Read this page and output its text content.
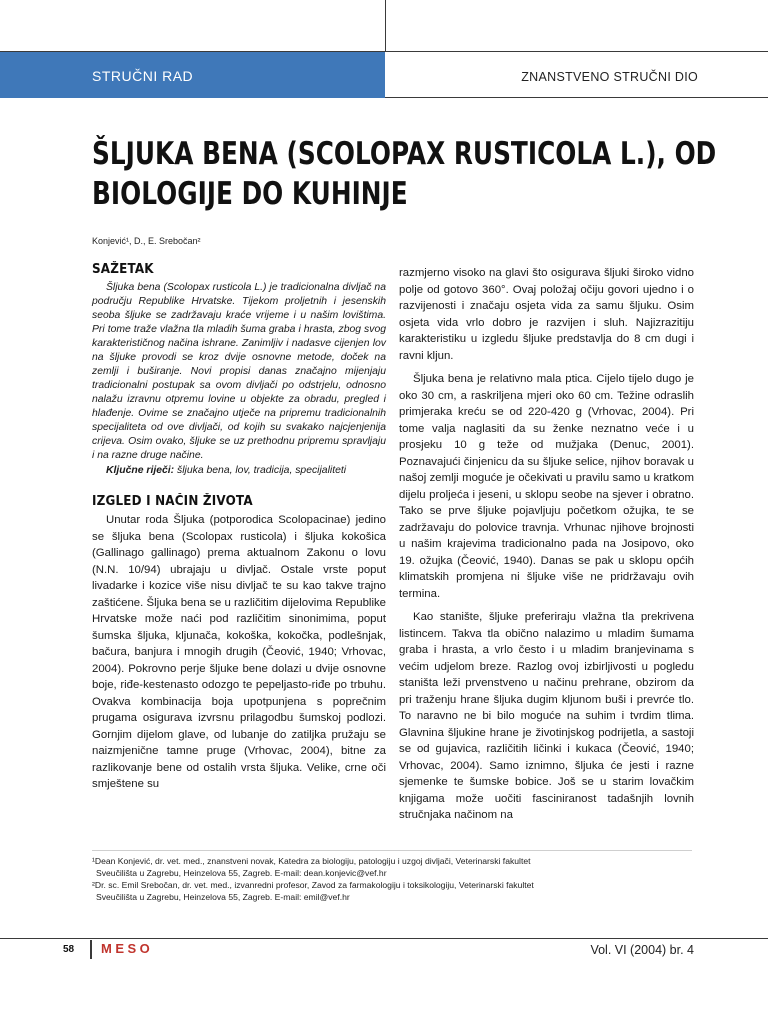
STRUČNI RAD	ZNANSTVENO STRUČNI DIO
ŠLJUKA BENA (SCOLOPAX RUSTICOLA L.), OD
BIOLOGIJE DO KUHINJE
Konjević¹, D., E. Srebočan²
SAŽETAK

Šljuka bena (Scolopax rusticola L.) je tradicionalna divljač na području Republike Hrvatske. Tijekom proljetnih i jesenskih seoba šljuke se zadržavaju kraće vrijeme i u našim lovištima. Pri tome traže vlažna tla mladih šuma graba i hrasta, zbog svog karakterističnog načina ishrane. Zanimljiv i nadasve cijenjen lov na šljuke provodi se kroz dvije osnovne metode, doček na zemlji i buširanje. Novi propisi danas značajno mijenjaju tradicionalni postupak sa ovom divljači po odstrjelu, odnosno nalažu izravnu otpremu lovine u objekte za obradu, pregled i hlađenje. Ovime se značajno utječe na pripremu tradicionalnih specijaliteta od ove divljači, od kojih su svakako najcjenjenija crijeva. Osim ovako, šljuke se uz prethodnu pripremu spravljaju i na razne druge načine.

Ključne riječi: šljuka bena, lov, tradicija, specijaliteti
IZGLED I NAČIN ŽIVOTA

Unutar roda Šljuka (potporodica Scolopacinae) jedino se šljuka bena (Scolopax rusticola) i šljuka kokošica (Gallinago gallinago) prema aktualnom Zakonu o lovu (N.N. 10/94) ubrajaju u divljač. Ostale vrste poput livadarke i kozice više nisu divljač te su kao takve trajno zaštićene. Šljuka bena se u različitim dijelovima Republike Hrvatske može naći pod različitim sinonimima, poput šumska šljuka, kljunača, kokoška, kokočka, podlešnjak, bačura, banjura i mnogih drugih (Čeović, 1940; Vrhovac, 2004). Pokrovno perje šljuke bene dolazi u dvije osnovne boje, riđe-kestenasto odozgo te pepeljasto-riđe po trbuhu. Ovakva kombinacija boja upotpunjena s poprečnim prugama osigurava izvrsnu prilagodbu šumskoj podlozi. Gornjim dijelom glave, od lubanje do zatiljka pružaju se naizmjenične tamne pruge (Vrhovac, 2004), bitne za razlikovanje bene od ostalih vrsta šljuka. Velike, crne oči smještene su

razmjerno visoko na glavi što osigurava šljuki široko vidno polje od gotovo 360°. Ovaj položaj očiju govori ujedno i o razvijenosti i značaju osjeta vida za samu šljuku. Osim osjeta vida vrlo dobro je razvijen i sluh. Najizrazitiju karakteristiku u izgledu šljuke predstavlja do 8 cm dugi i ravni kljun.

Šljuka bena je relativno mala ptica. Cijelo tijelo dugo je oko 30 cm, a raskriljena mjeri oko 60 cm. Težine odraslih primjeraka kreću se od 220-420 g (Vrhovac, 2004). Pri tome valja naglasiti da su ženke neznatno veće i u prosjeku 10 g teže od mužjaka (Denuc, 2001). Poznavajući činjenicu da su šljuke selice, njihov boravak u našoj zemlji moguće je očekivati u pravilu samo u kratkom dijelu proljeća i jeseni, u sklopu seobe na sjever i obratno. Tako se prve šljuke pojavljuju početkom ožujka, te se zadržavaju do polovice travnja. Vrhunac njihove brojnosti u našim krajevima tradicionalno pada na Josipovo, oko 19. ožujka (Čeović, 1940). Danas se pak u sklopu općih klimatskih promjena ni šljuke više ne pridržavaju ovih termina.

Kao stanište, šljuke preferiraju vlažna tla prekrivena listincem. Takva tla obično nalazimo u mladim šumama graba i hrasta, a vrlo često i u mladim branjevinama s većim udjelom breze. Razlog ovoj izbirljivosti u pogledu staništa leži prvenstveno u načinu prehrane, obzirom da pri traženju hrane šljuka dugim kljunom buši i prevrće tlo. To naravno ne bi bilo moguće na suhim i tvrdim tlima. Glavnina šljukine hrane je životinjskog podrijetla, a sastoji se od gujavica, različitih ličinki i kukaca (Čeović, 1940; Vrhovac, 2004). Samo iznimno, šljuka će jesti i razne sjemenke te šumske bobice. Još se u starim lovačkim knjigama može uočiti fasciniranost tadašnjih lovnih stručnjaka načinom na

¹Dean Konjević, dr. vet. med., znanstveni novak, Katedra za biologiju, patologiju i uzgoj divljači, Veterinarski fakultet
Sveučilišta u Zagrebu, Heinzelova 55, Zagreb. E-mail: dean.konjevic@vef.hr
²Dr. sc. Emil Srebočan, dr. vet. med., izvanredni profesor, Zavod za farmakologiju i toksikologiju, Veterinarski fakultet
Sveučilišta u Zagrebu, Heinzelova 55, Zagreb. E-mail: emil@vef.hr
58 MESO	Vol. VI (2004) br. 4
